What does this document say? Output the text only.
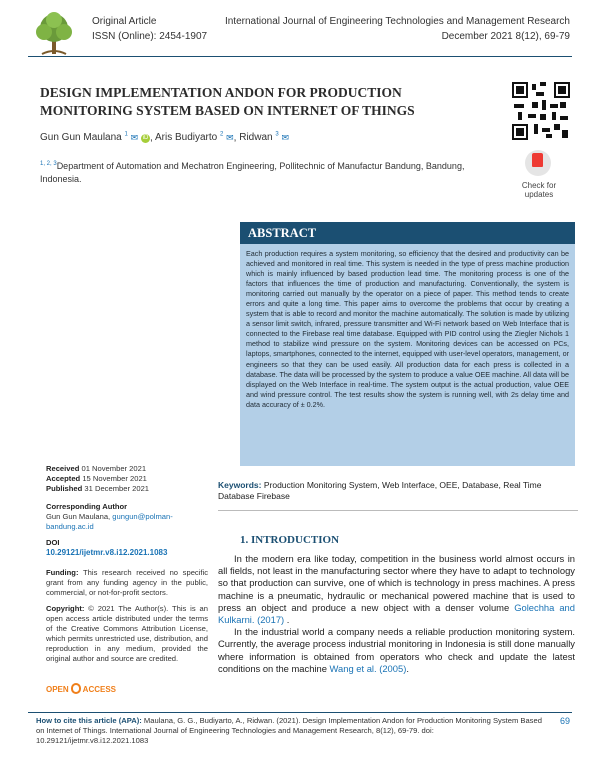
Original Article
ISSN (Online): 2454-1907
International Journal of Engineering Technologies and Management Research
December 2021 8(12), 69-79
DESIGN IMPLEMENTATION ANDON FOR PRODUCTION MONITORING SYSTEM BASED ON INTERNET OF THINGS
Gun Gun Maulana $^1$ ✉ iD , Aris Budiyarto $^2$ ✉, Ridwan $^3$ ✉
$^{1, 2, 3}$Department of Automation and Mechatron Engineering, Pollitechnic of Manufactur Bandung, Bandung, Indonesia.
Check for
updates
ABSTRACT
Each production requires a system monitoring, so efficiency that the desired and productivity can be achieved and monitored in real time. This system is needed in the type of press machine production which is mainly influenced by based production lead time. The monitoring process is one of the factors that influences the time of production and manufacturing. Conventionally, the system is monitoring carried out manually by the operator on a piece of paper. This method tends to create errors and quite a long time. This paper aims to overcome the problems that occur by creating a system that is able to record and monitor the machine automatically. The solution is made by utilizing a sensor limit switch, infrared, pressure transmitter and Wi-Fi network based on Web Interface that is connected to the Firebase real time database. Equipped with PID control using the Ziegler Nichols 1 method to stabilize wind pressure on the system. Monitoring devices can be accessed on PCs, laptops, smartphones, connected to the internet, equipped with user-level operators, management, or engineers so that they can be used easily. All production data for each press is collected in a database. The data will be processed by the system to produce a value OEE machine. All data will be displayed on the Web Interface in real-time. The system output is the actual production, value OEE and wind pressure control. The test results show the system is running well, with 2s delay time and data accuracy of ± 0.2%.
Keywords: Production Monitoring System, Web Interface, OEE, Database, Real Time Database Firebase
Received 01 November 2021
Accepted 15 November 2021
Published 31 December 2021
Corresponding Author
Gun Gun Maulana, gungun@polman-bandung.ac.id
DOI
10.29121/ijetmr.v8.i12.2021.1083
Funding: This research received no specific grant from any funding agency in the public, commercial, or not-for-profit sectors.
Copyright: © 2021 The Author(s). This is an open access article distributed under the terms of the Creative Commons Attribution License, which permits unrestricted use, distribution, and reproduction in any medium, provided the original author and source are credited.
OPEN ACCESS
1. INTRODUCTION

In the modern era like today, competition in the business world almost occurs in all fields, not least in the manufacturing sector where they have to adapt to technology so that production can survive, one of which is technology in press machines. A press machine is a pneumatic, hydraulic or mechanical powered machine that is used to press an object and produce a new object with a denser volume Golechha and Kulkarni. (2017) .

In the industrial world a company needs a reliable production monitoring system. Currently, the average process industrial monitoring in Indonesia is still done manually where information is obtained from operators who check and update the latest conditions on the machine Wang et al. (2005).

How to cite this article (APA): Maulana, G. G., Budiyarto, A., Ridwan. (2021). Design Implementation Andon for Production Monitoring System Based on Internet of Things. International Journal of Engineering Technologies and Management Research, 8(12), 69-79. doi: 10.29121/ijetmr.v8.i12.2021.1083
69
